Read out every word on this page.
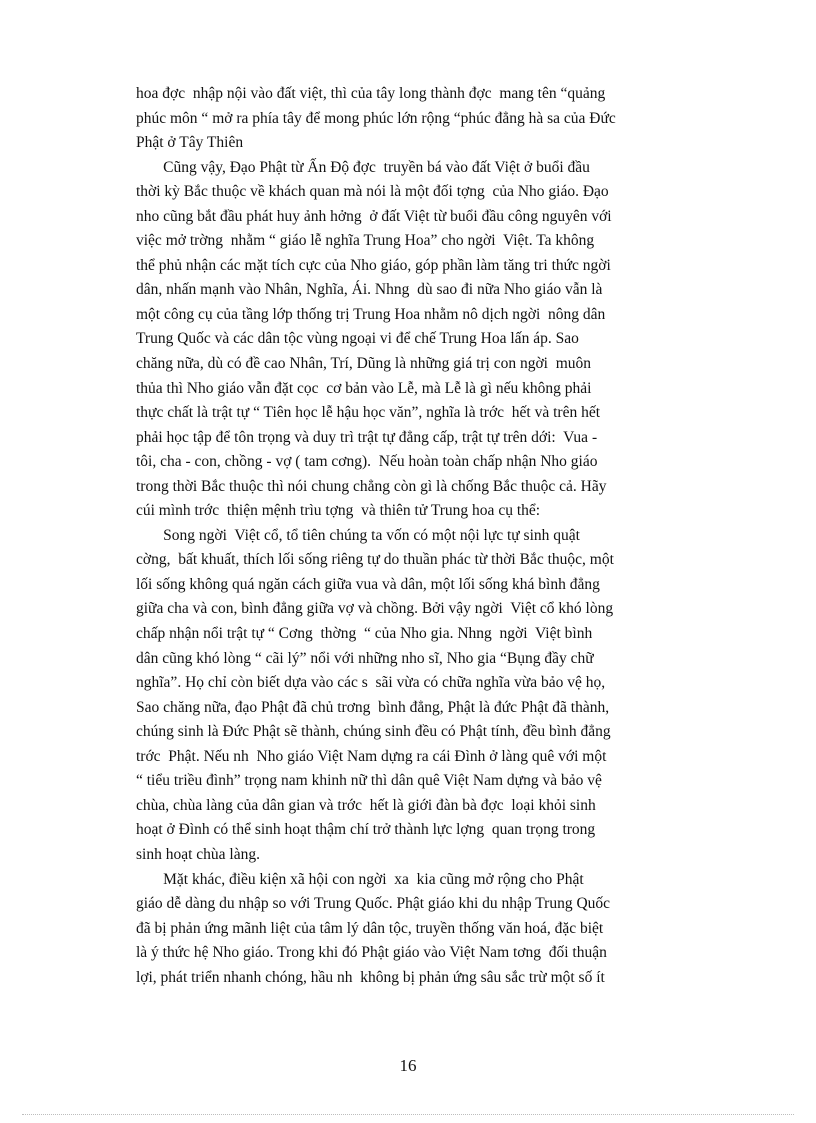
hoa đợc  nhập nội vào đất việt, thì của tây long thành đợc  mang tên “quảng
phúc môn “ mở ra phía tây để mong phúc lớn rộng “phúc đẳng hà sa của Đức
Phật ở Tây Thiên
Cũng vậy, Đạo Phật từ Ấn Độ đợc  truyền bá vào đất Việt ở buổi đầu
thời kỳ Bắc thuộc về khách quan mà nói là một đối tợng  của Nho giáo. Đạo
nho cũng bắt đầu phát huy ảnh hởng  ở đất Việt từ buổi đầu công nguyên với
việc mở trờng  nhằm “ giáo lễ nghĩa Trung Hoa” cho ngời  Việt. Ta không
thể phủ nhận các mặt tích cực của Nho giáo, góp phần làm tăng tri thức ngời
dân, nhấn mạnh vào Nhân, Nghĩa, Ái. Nhng  dù sao đi nữa Nho giáo vẫn là
một công cụ của tầng lớp thống trị Trung Hoa nhằm nô dịch ngời  nông dân
Trung Quốc và các dân tộc vùng ngoại vi để chế Trung Hoa lấn áp. Sao
chăng nữa, dù có đề cao Nhân, Trí, Dũng là những giá trị con ngời  muôn
thủa thì Nho giáo vẫn đặt cọc  cơ bản vào Lễ, mà Lễ là gì nếu không phải
thực chất là trật tự “ Tiên học lễ hậu học văn”, nghĩa là trớc  hết và trên hết
phải học tập để tôn trọng và duy trì trật tự đẳng cấp, trật tự trên dới:  Vua -
tôi, cha - con, chồng - vợ ( tam cơng).  Nếu hoàn toàn chấp nhận Nho giáo
trong thời Bắc thuộc thì nói chung chẳng còn gì là chống Bắc thuộc cả. Hãy
cúi mình trớc  thiện mệnh trìu tợng  và thiên tử Trung hoa cụ thể:
Song ngời  Việt cổ, tổ tiên chúng ta vốn có một nội lực tự sinh quật
cờng,  bất khuất, thích lối sống riêng tự do thuần phác từ thời Bắc thuộc, một
lối sống không quá ngăn cách giữa vua và dân, một lối sống khá bình đẳng
giữa cha và con, bình đẳng giữa vợ và chồng. Bởi vậy ngời  Việt cổ khó lòng
chấp nhận nổi trật tự “ Cơng  thờng  “ của Nho gia. Nhng  ngời  Việt bình
dân cũng khó lòng “ cãi lý” nổi với những nho sĩ, Nho gia “Bụng đầy chữ
nghĩa”. Họ chỉ còn biết dựa vào các s  sãi vừa có chữa nghĩa vừa bảo vệ họ,
Sao chăng nữa, đạo Phật đã chủ trơng  bình đẳng, Phật là đức Phật đã thành,
chúng sinh là Đức Phật sẽ thành, chúng sinh đều có Phật tính, đều bình đẳng
trớc  Phật. Nếu nh  Nho giáo Việt Nam dựng ra cái Đình ở làng quê với một
“ tiểu triều đình” trọng nam khinh nữ thì dân quê Việt Nam dựng và bảo vệ
chùa, chùa làng của dân gian và trớc  hết là giới đàn bà đợc  loại khỏi sinh
hoạt ở Đình có thể sinh hoạt thậm chí trở thành lực lợng  quan trọng trong
sinh hoạt chùa làng.
Mặt khác, điều kiện xã hội con ngời  xa  kia cũng mở rộng cho Phật
giáo dễ dàng du nhập so với Trung Quốc. Phật giáo khi du nhập Trung Quốc
đã bị phản ứng mãnh liệt của tâm lý dân tộc, truyền thống văn hoá, đặc biệt
là ý thức hệ Nho giáo. Trong khi đó Phật giáo vào Việt Nam tơng  đối thuận
lợi, phát triển nhanh chóng, hầu nh  không bị phản ứng sâu sắc trừ một số ít
16
